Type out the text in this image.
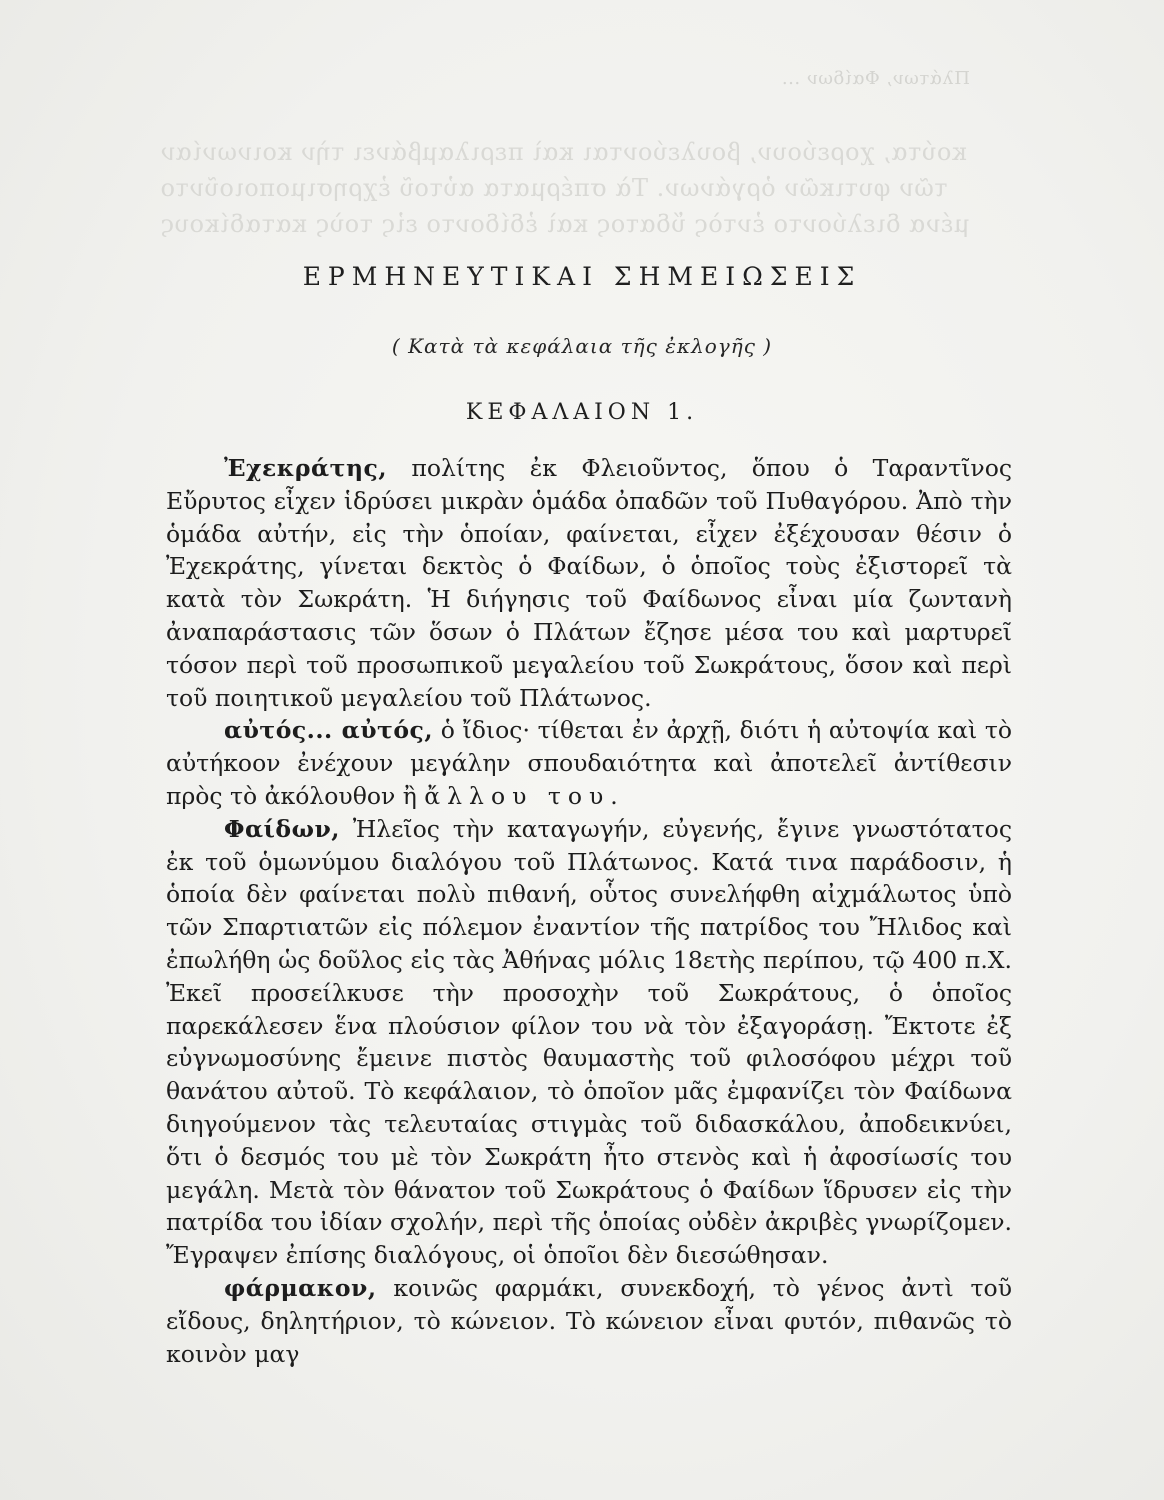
Πλάτων, Φαίδων ...
κούτα, χορεύουν, βουλεύονται καὶ περιλαμβάνει τὴν κοινωνίαν
τῶν φυτικῶν ὀργάνων. Τὰ σπέρματα αὐτοῦ ἐχρησιμοποιοῦντο
μένα διελύοντο ἐντὸς ὕδατος καὶ ἐδίδοντο εἰς τοὺς καταδίκους
ΕΡΜΗΝΕΥΤΙΚΑΙ ΣΗΜΕΙΩΣΕΙΣ
( Κατὰ τὰ κεφάλαια τῆς ἐκλογῆς )
ΚΕΦΑΛΑΙΟΝ 1.

Ἐχεκράτης, πολίτης ἐκ Φλειοῦντος, ὅπου ὁ Ταραντῖνος Εὔρυτος εἶχεν ἱδρύσει μικρὰν ὁμάδα ὀπαδῶν τοῦ Πυθαγόρου. Ἀπὸ τὴν ὁμάδα αὐτήν, εἰς τὴν ὁποίαν, φαίνεται, εἶχεν ἐξέχουσαν θέσιν ὁ Ἐχεκράτης, γίνεται δεκτὸς ὁ Φαίδων, ὁ ὁποῖος τοὺς ἐξιστορεῖ τὰ κατὰ τὸν Σωκράτη. Ἡ διήγησις τοῦ Φαίδωνος εἶναι μία ζωντανὴ ἀναπαράστασις τῶν ὅσων ὁ Πλάτων ἔζησε μέσα του καὶ μαρτυρεῖ τόσον περὶ τοῦ προσωπικοῦ μεγαλείου τοῦ Σωκράτους, ὅσον καὶ περὶ τοῦ ποιητικοῦ μεγαλείου τοῦ Πλάτωνος.

αὐτός... αὐτός, ὁ ἴδιος· τίθεται ἐν ἀρχῇ, διότι ἡ αὐτοψία καὶ τὸ αὐτήκοον ἐνέχουν μεγάλην σπουδαιότητα καὶ ἀποτελεῖ ἀντίθεσιν πρὸς τὸ ἀκόλουθον ἢ ἄλλου του.

Φαίδων, Ἠλεῖος τὴν καταγωγήν, εὐγενής, ἔγινε γνωστότατος ἐκ τοῦ ὁμωνύμου διαλόγου τοῦ Πλάτωνος. Κατά τινα παράδοσιν, ἡ ὁποία δὲν φαίνεται πολὺ πιθανή, οὗτος συνελήφθη αἰχμάλωτος ὑπὸ τῶν Σπαρτιατῶν εἰς πόλεμον ἐναντίον τῆς πατρίδος του Ἤλιδος καὶ ἐπωλήθη ὡς δοῦλος εἰς τὰς Ἀθήνας μόλις 18ετὴς περίπου, τῷ 400 π.Χ. Ἐκεῖ προσείλκυσε τὴν προσοχὴν τοῦ Σωκράτους, ὁ ὁποῖος παρεκάλεσεν ἕνα πλούσιον φίλον του νὰ τὸν ἐξαγοράσῃ. Ἔκτοτε ἐξ εὐγνωμοσύνης ἔμεινε πιστὸς θαυμαστὴς τοῦ φιλοσόφου μέχρι τοῦ θανάτου αὐτοῦ. Τὸ κεφάλαιον, τὸ ὁποῖον μᾶς ἐμφανίζει τὸν Φαίδωνα διηγούμενον τὰς τελευταίας στιγμὰς τοῦ διδασκάλου, ἀποδεικνύει, ὅτι ὁ δεσμός του μὲ τὸν Σωκράτη ἦτο στενὸς καὶ ἡ ἀφοσίωσίς του μεγάλη. Μετὰ τὸν θάνατον τοῦ Σωκράτους ὁ Φαίδων ἵδρυσεν εἰς τὴν πατρίδα του ἰδίαν σχολήν, περὶ τῆς ὁποίας οὐδὲν ἀκριβὲς γνωρίζομεν. Ἔγραψεν ἐπίσης διαλόγους, οἱ ὁποῖοι δὲν διεσώθησαν.

φάρμακον, κοινῶς φαρμάκι, συνεκδοχή, τὸ γένος ἀντὶ τοῦ εἴδους, δηλητήριον, τὸ κώνειον. Τὸ κώνειον εἶναι φυτόν, πιθανῶς τὸ κοινὸν μαγ
